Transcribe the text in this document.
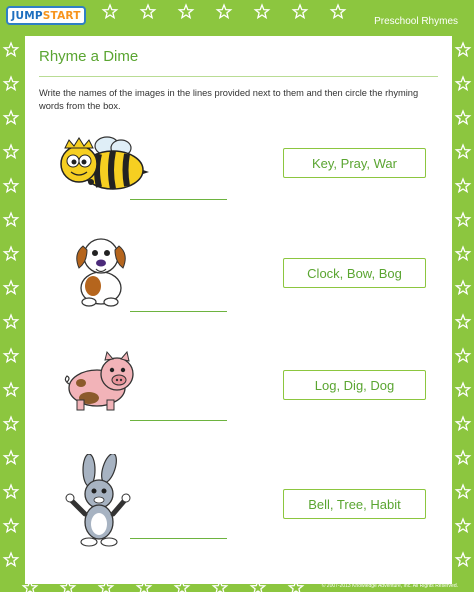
JUMP START	Preschool Rhymes
Rhyme a Dime
Write the names of the images in the lines provided next to them and then circle the rhyming words from the box.
Key, Pray, War
Clock, Bow, Bog
Log, Dig, Dog
Bell, Tree, Habit
© 2007-2013 Knowledge Adventure, Inc. All Rights Reserved.
